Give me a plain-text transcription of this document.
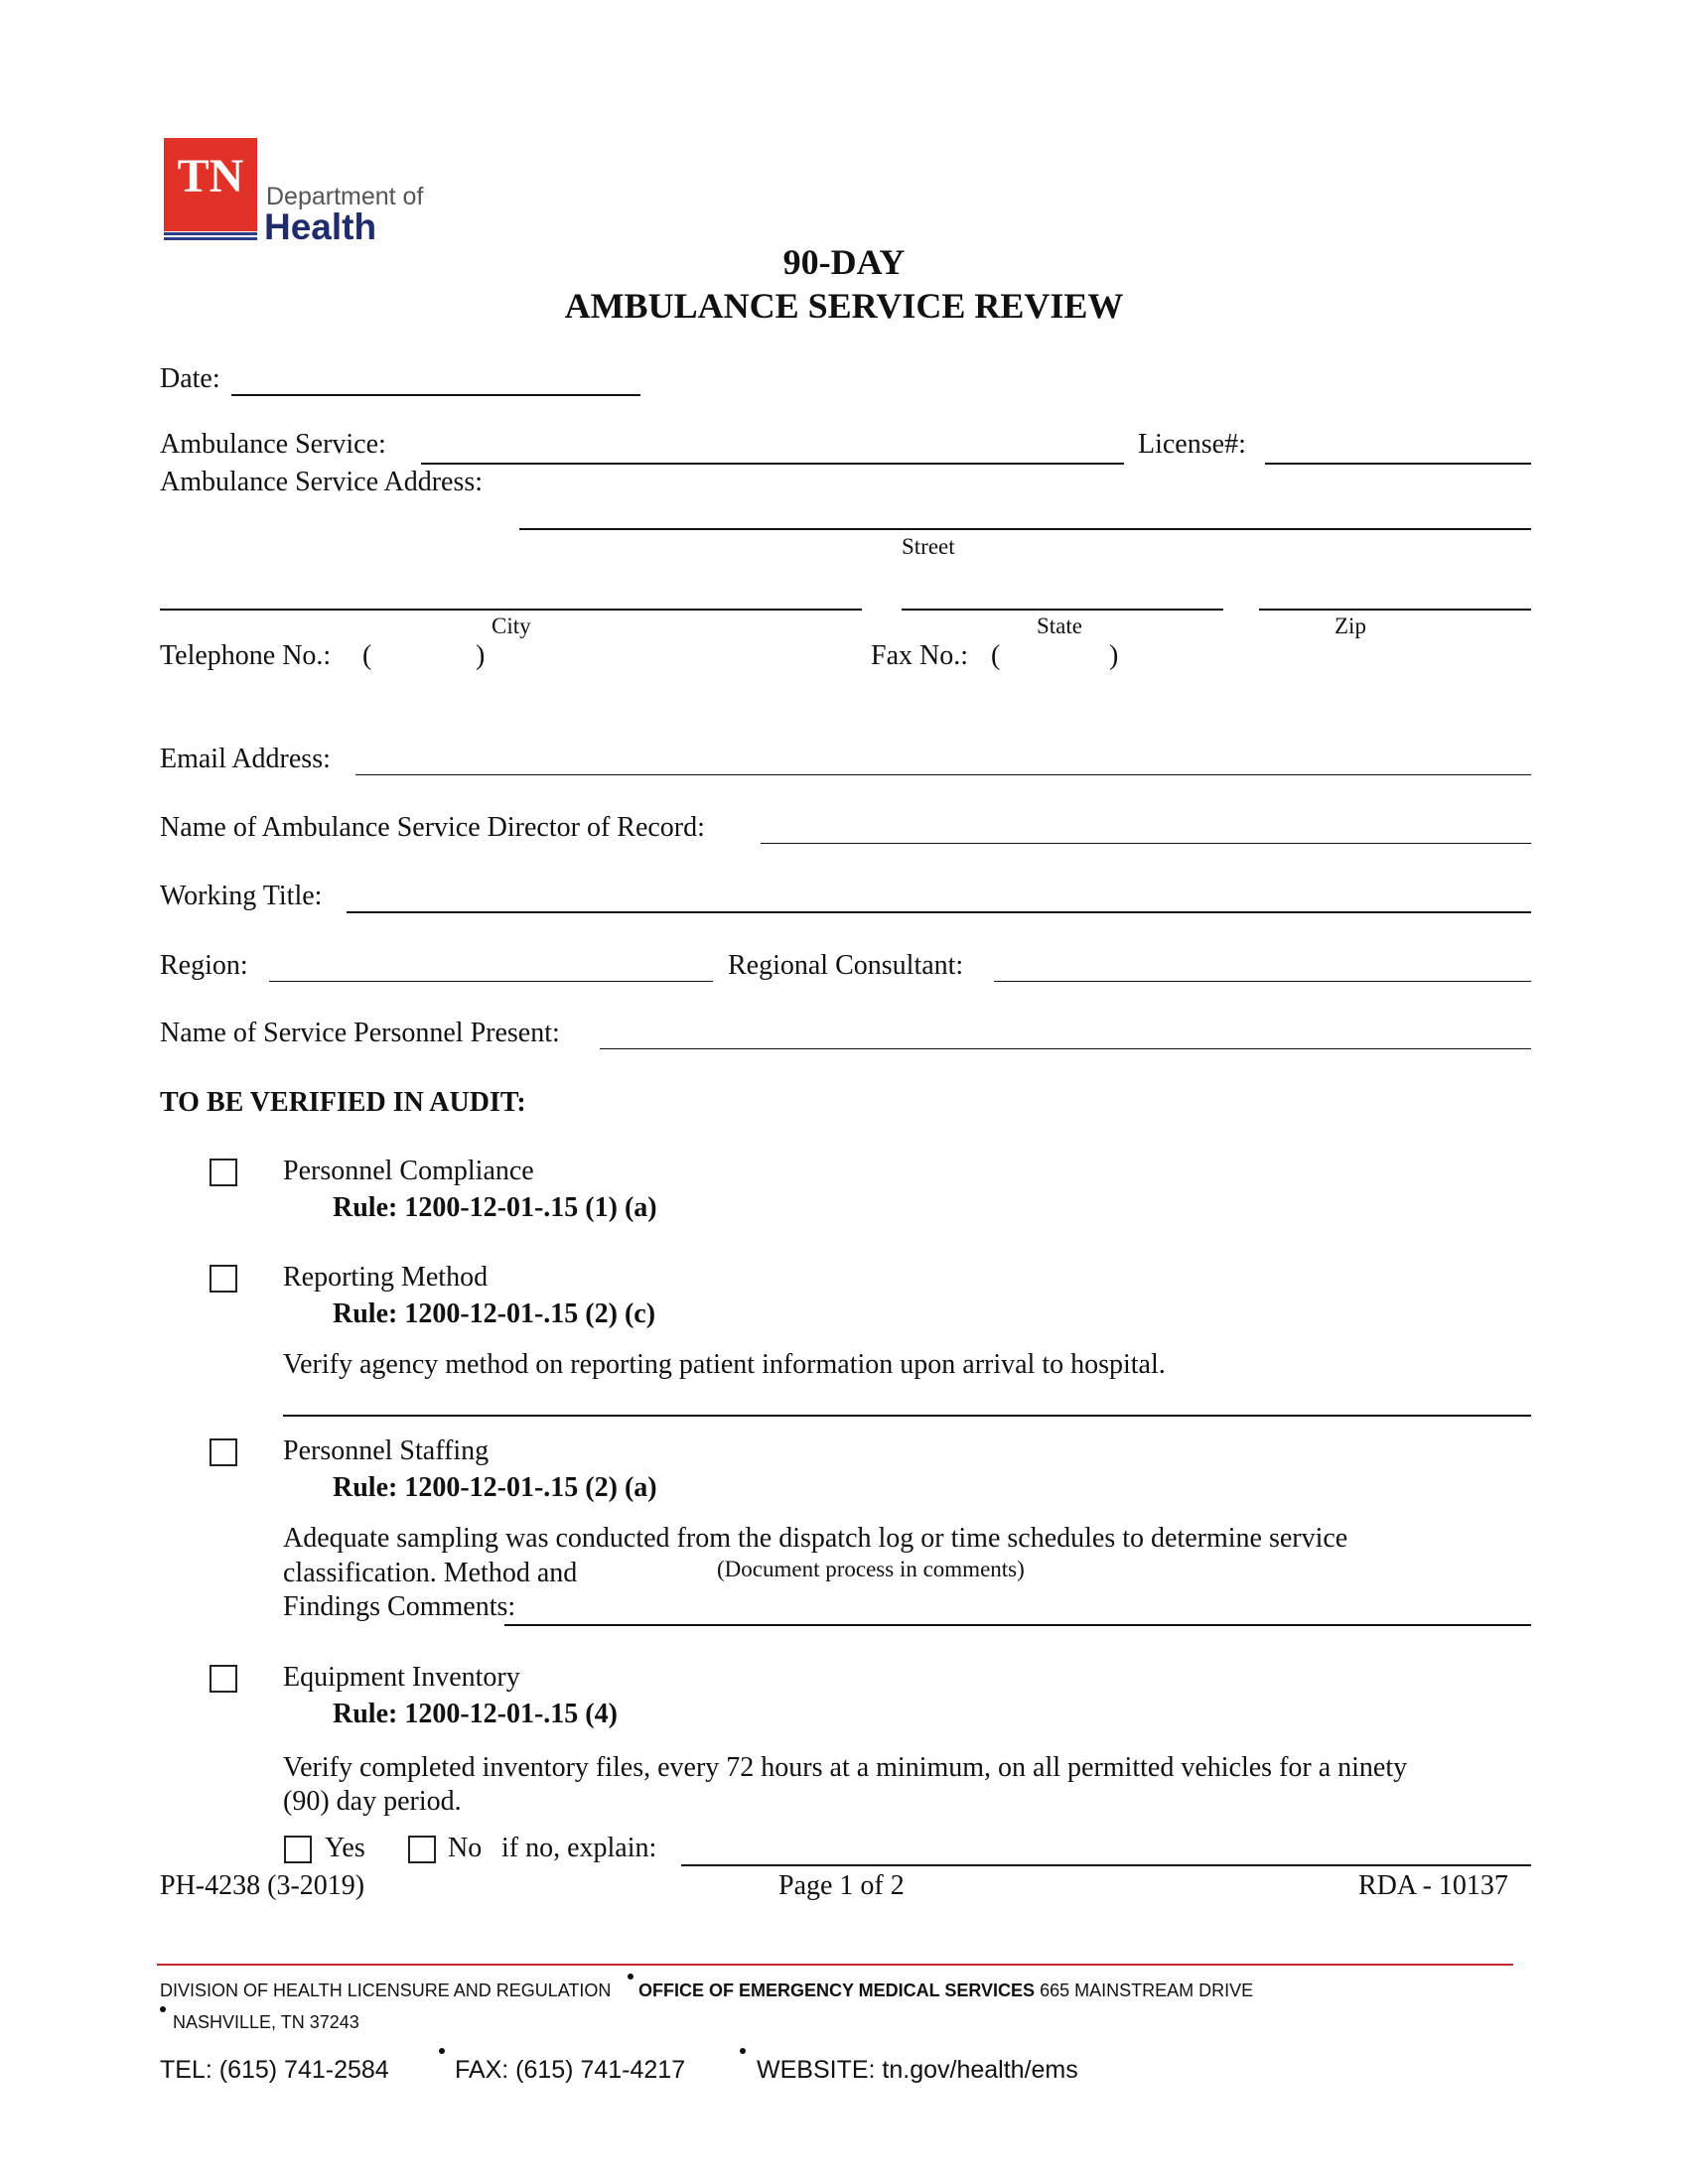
TN Department of
Health
90-DAY
AMBULANCE SERVICE REVIEW
Date:
Ambulance Service:	License#:
Ambulance Service Address:
Street
City	State	Zip
Telephone No.: (	)	Fax No.: (	)
Email Address:
Name of Ambulance Service Director of Record:
Working Title:
Region:	Regional Consultant:
Name of Service Personnel Present:
TO BE VERIFIED IN AUDIT:
Personnel Compliance
Rule: 1200-12-01-.15 (1) (a)
Reporting Method
Rule: 1200-12-01-.15 (2) (c)
Verify agency method on reporting patient information upon arrival to hospital.
Personnel Staffing
Rule: 1200-12-01-.15 (2) (a)
Adequate sampling was conducted from the dispatch log or time schedules to determine service
classification. Method and	(Document process in comments)
Findings Comments:
Equipment Inventory
Rule: 1200-12-01-.15 (4)
Verify completed inventory files, every 72 hours at a minimum, on all permitted vehicles for a ninety
(90) day period.
Yes	No if no, explain:
PH-4238 (3-2019)	Page 1 of 2	RDA - 10137
DIVISION OF HEALTH LICENSURE AND REGULATION OFFICE OF EMERGENCY MEDICAL SERVICES 665 MAINSTREAM DRIVE
NASHVILLE, TN 37243
TEL: (615) 741-2584	FAX: (615) 741-4217	WEBSITE: tn.gov/health/ems
